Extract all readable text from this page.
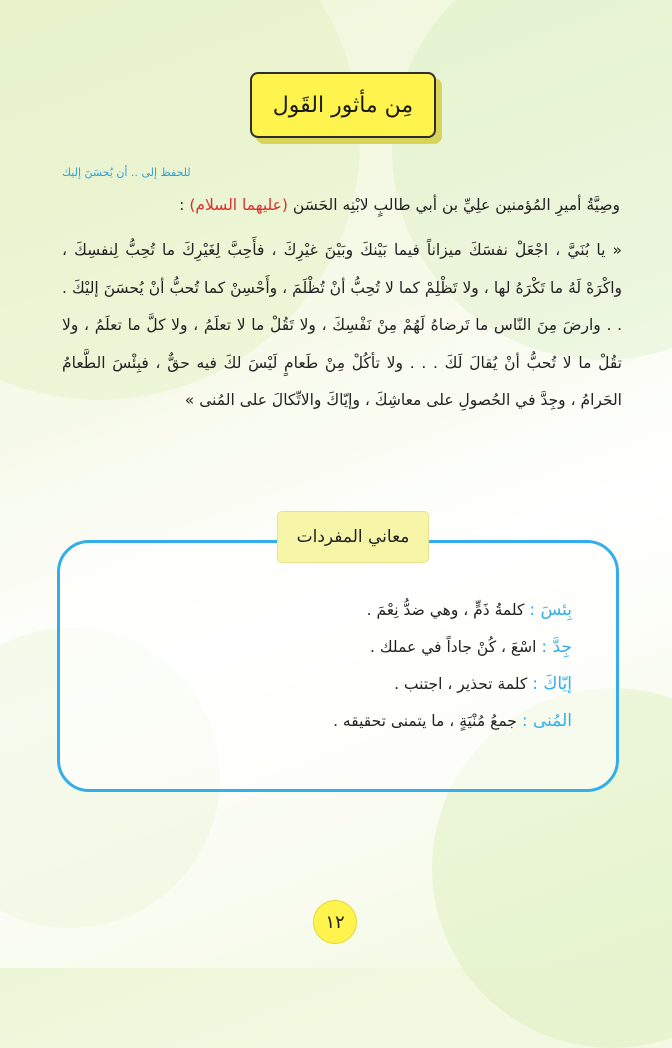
مِن مأثور القَول
للحفظ إلى .. أن يُحسَنَ إليك
وصِيَّةُ أميرِ المُؤمنين علِيِّ بن أبي طالبٍ لابْنِه الحَسَن (عليهما السلام) :
« يا بُنَيَّ ، اجْعَلْ نفسَكَ ميزاناً فيما بَيْنكَ وبَيْنَ غيْرِكَ ، فأَحِبَّ لِغَيْرِكَ ما تُحِبُّ لِنفسِكَ ، واكْرَهْ لَهُ ما تَكْرَهُ لها ، ولا تَظْلِمْ كما لا تُحِبُّ أنْ تُظْلَمَ ، وأَحْسِنْ كما تُحبُّ أنْ يُحسَنَ إليْكَ . . . وارضَ مِنَ النّاس ما تَرضاهُ لَهُمْ مِنْ نَفْسِكَ ، ولا تَقُلْ ما لا تعلَمُ ، ولا كلَّ ما تعلَمُ ، ولا تقُلْ ما لا تُحبُّ أنْ يُقالَ لَكَ . . . ولا تأكُلْ مِنْ طَعامٍ لَيْسَ لكَ فيه حقٌّ ، فبِئْسَ الطَّعامُ الحَرامُ ، وجِدَّ في الحُصولِ على معاشِكَ ، وإيّاكَ والاتِّكالَ على المُنى »
معاني المفردات
بِئسَ : كلمةُ ذَمٍّ ، وهي ضدُّ نِعْمَ .
جِدَّ : اسْعَ ، كُنْ جاداً في عملك .
إيّاكَ : كلمة تحذير ، اجتنب .
المُنى : جمعُ مُنْيَةٍ ، ما يتمنى تحقيقه .
١٢
